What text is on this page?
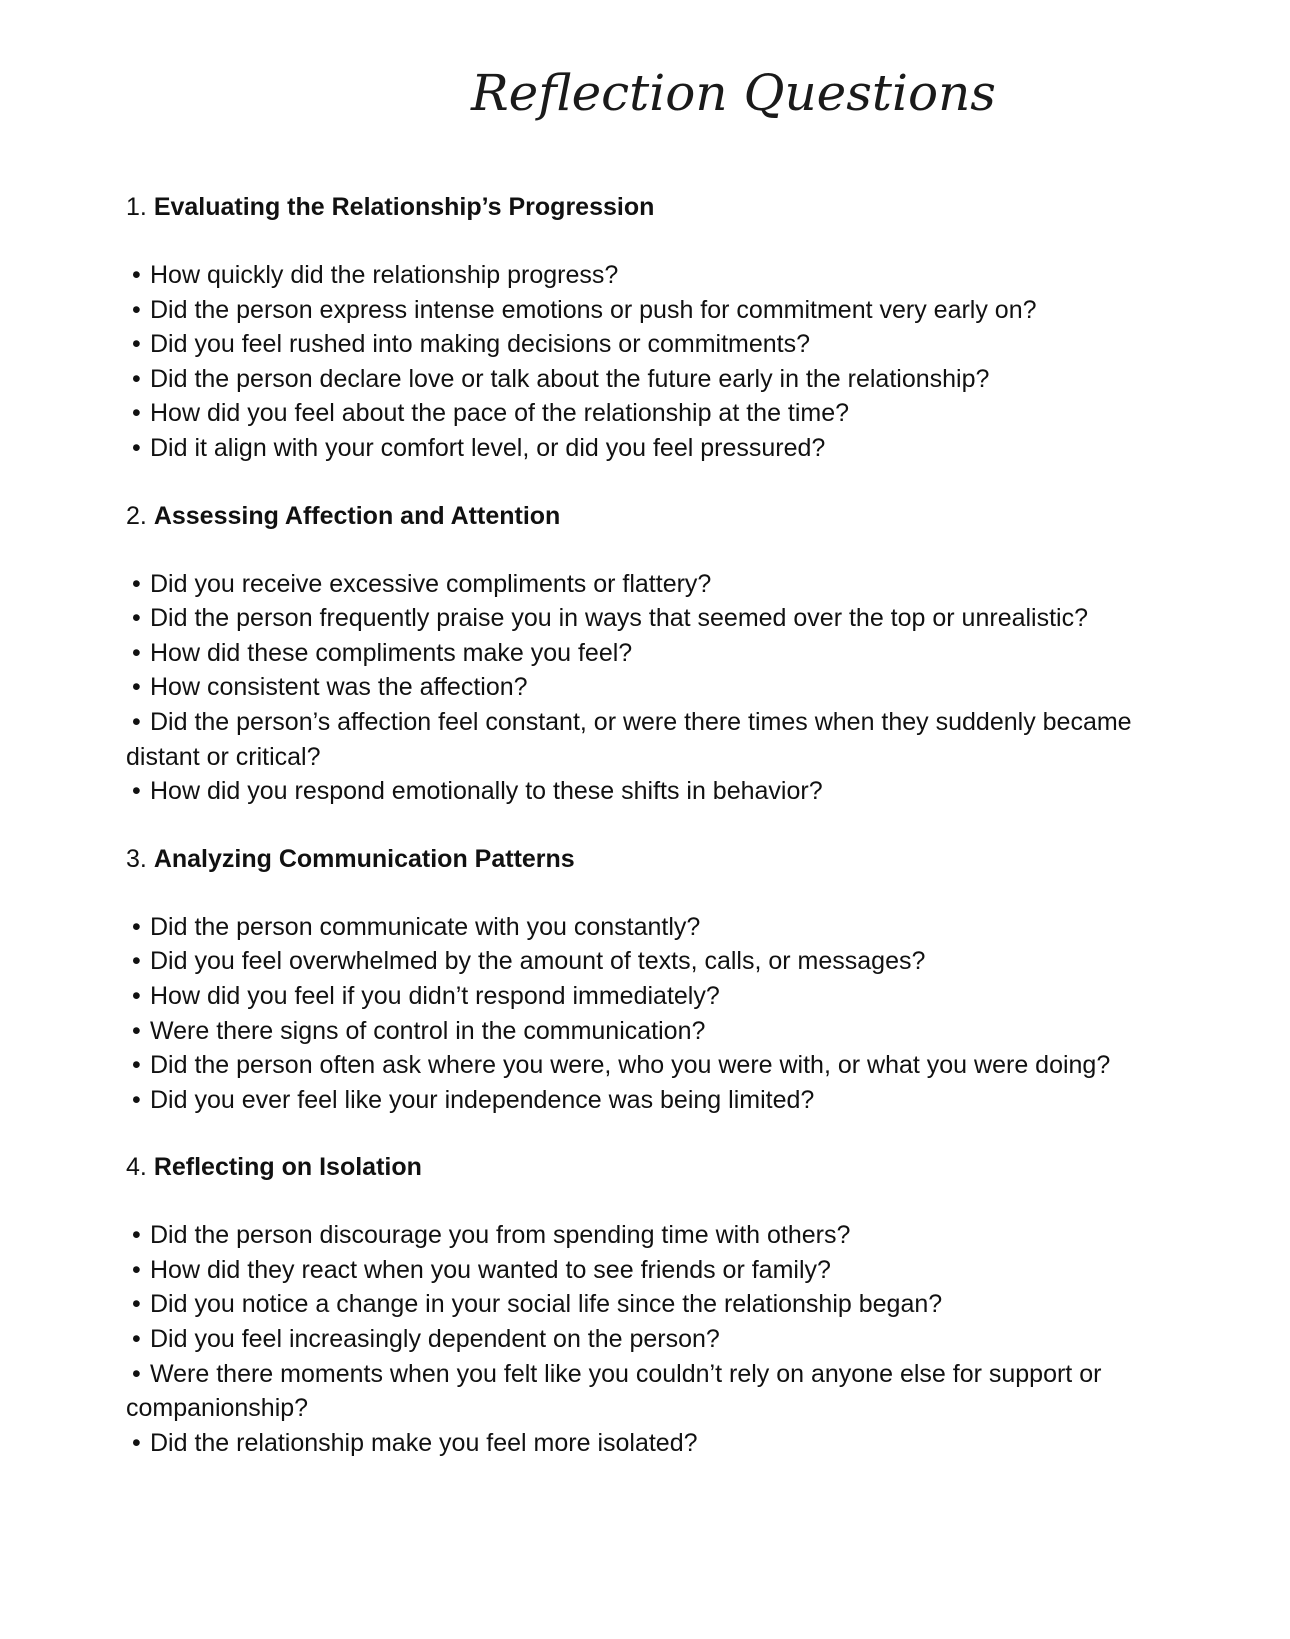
Reflection Questions

1. Evaluating the Relationship’s Progression

• How quickly did the relationship progress?
• Did the person express intense emotions or push for commitment very early on?
• Did you feel rushed into making decisions or commitments?
• Did the person declare love or talk about the future early in the relationship?
• How did you feel about the pace of the relationship at the time?
• Did it align with your comfort level, or did you feel pressured?

2. Assessing Affection and Attention

• Did you receive excessive compliments or flattery?
• Did the person frequently praise you in ways that seemed over the top or unrealistic?
• How did these compliments make you feel?
• How consistent was the affection?
• Did the person’s affection feel constant, or were there times when they suddenly became distant or critical?
• How did you respond emotionally to these shifts in behavior?

3. Analyzing Communication Patterns

• Did the person communicate with you constantly?
• Did you feel overwhelmed by the amount of texts, calls, or messages?
• How did you feel if you didn’t respond immediately?
• Were there signs of control in the communication?
• Did the person often ask where you were, who you were with, or what you were doing?
• Did you ever feel like your independence was being limited?

4. Reflecting on Isolation

• Did the person discourage you from spending time with others?
• How did they react when you wanted to see friends or family?
• Did you notice a change in your social life since the relationship began?
• Did you feel increasingly dependent on the person?
• Were there moments when you felt like you couldn’t rely on anyone else for support or companionship?
• Did the relationship make you feel more isolated?
